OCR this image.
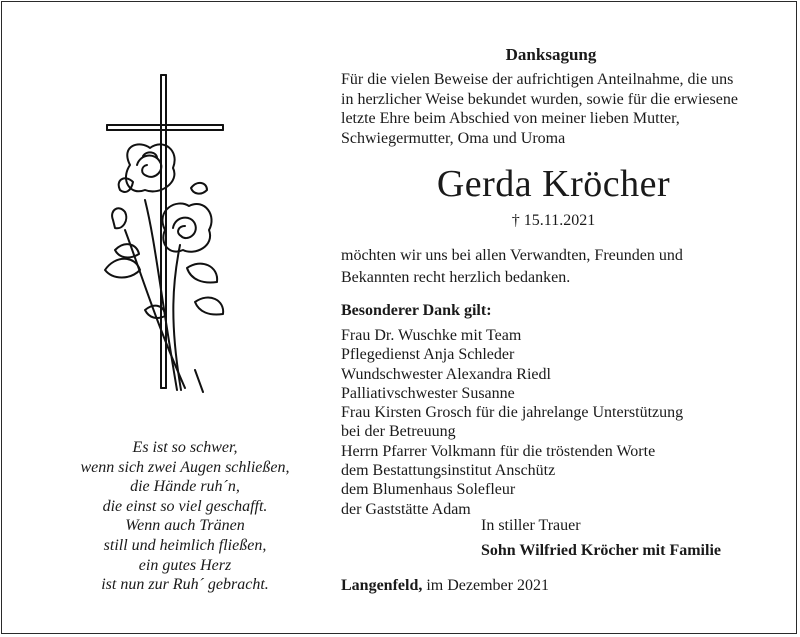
Es ist so schwer,
wenn sich zwei Augen schließen,
die Hände ruh´n,
die einst so viel geschafft.
Wenn auch Tränen
still und heimlich fließen,
ein gutes Herz
ist nun zur Ruh´ gebracht.
Danksagung
Für die vielen Beweise der aufrichtigen Anteilnahme, die uns
in herzlicher Weise bekundet wurden, sowie für die erwiesene
letzte Ehre beim Abschied von meiner lieben Mutter,
Schwiegermutter, Oma und Uroma
Gerda Kröcher
† 15.11.2021
möchten wir uns bei allen Verwandten, Freunden und
Bekannten recht herzlich bedanken.
Besonderer Dank gilt:
Frau Dr. Wuschke mit Team
Pflegedienst Anja Schleder
Wundschwester Alexandra Riedl
Palliativschwester Susanne
Frau Kirsten Grosch für die jahrelange Unterstützung
bei der Betreuung
Herrn Pfarrer Volkmann für die tröstenden Worte
dem Bestattungsinstitut Anschütz
dem Blumenhaus Solefleur
der Gaststätte Adam
In stiller Trauer
Sohn Wilfried Kröcher mit Familie
Langenfeld, im Dezember 2021
